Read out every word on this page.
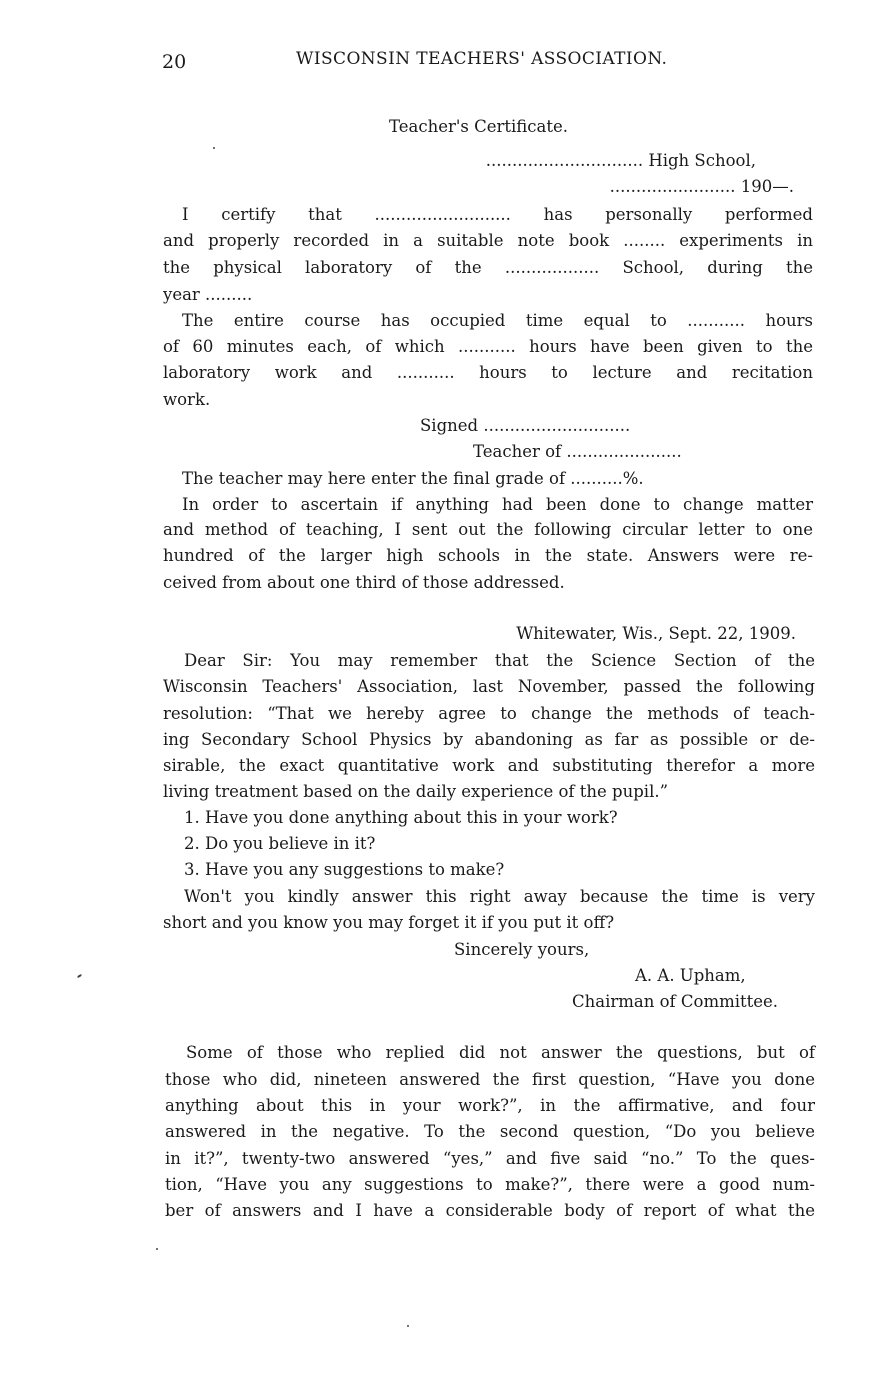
20	WISCONSIN TEACHERS' ASSOCIATION.
Teacher's Certificate.
.............................. High School,
........................ 190—.
I certify that .......................... has personally performed
and properly recorded in a suitable note book ........ experiments in
the physical laboratory of the .................. School, during the
year .........
The entire course has occupied time equal to ........... hours
of 60 minutes each, of which ........... hours have been given to the
laboratory work and ........... hours to lecture and recitation
work.
Signed ............................
Teacher of ......................
The teacher may here enter the final grade of ..........%.
In order to ascertain if anything had been done to change matter
and method of teaching, I sent out the following circular letter to one
hundred of the larger high schools in the state. Answers were re-
ceived from about one third of those addressed.
Whitewater, Wis., Sept. 22, 1909.
Dear Sir: You may remember that the Science Section of the
Wisconsin Teachers' Association, last November, passed the following
resolution: “That we hereby agree to change the methods of teach-
ing Secondary School Physics by abandoning as far as possible or de-
sirable, the exact quantitative work and substituting therefor a more
living treatment based on the daily experience of the pupil.”
1. Have you done anything about this in your work?
2. Do you believe in it?
3. Have you any suggestions to make?
Won't you kindly answer this right away because the time is very
short and you know you may forget it if you put it off?
Sincerely yours,
A. A. Upham,
Chairman of Committee.
Some of those who replied did not answer the questions, but of
those who did, nineteen answered the first question, “Have you done
anything about this in your work?”, in the affirmative, and four
answered in the negative. To the second question, “Do you believe
in it?”, twenty-two answered “yes,” and five said “no.” To the ques-
tion, “Have you any suggestions to make?”, there were a good num-
ber of answers and I have a considerable body of report of what the
